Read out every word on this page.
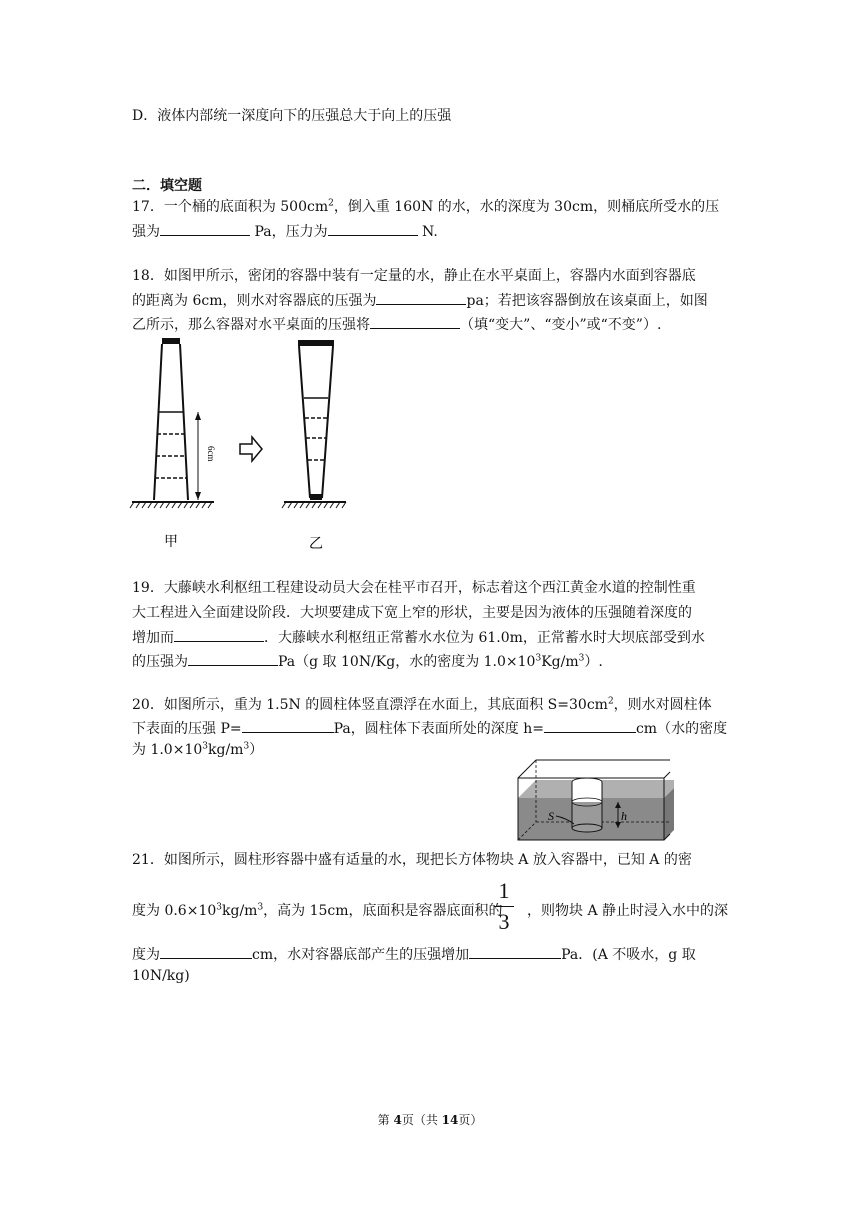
D．液体内部统一深度向下的压强总大于向上的压强
二．填空题
17．一个桶的底面积为 $500cm^2$，倒入重 160N 的水，水的深度为 30cm，则桶底所受水的压
强为	Pa，压力为	N.
18．如图甲所示，密闭的容器中装有一定量的水，静止在水平桌面上，容器内水面到容器底
的距离为 6cm，则水对容器底的压强为	pa；若把该容器倒放在该桌面上，如图
乙所示，那么容器对水平桌面的压强将	（填“变大”、“变小”或“不变”）.
6cm
甲	乙
19．大藤峡水利枢纽工程建设动员大会在桂平市召开，标志着这个西江黄金水道的控制性重
大工程进入全面建设阶段．大坝要建成下宽上窄的形状，主要是因为液体的压强随着深度的
增加而	．大藤峡水利枢纽正常蓄水水位为 61.0m，正常蓄水时大坝底部受到水
的压强为	Pa（g 取 10N/Kg，水的密度为 $1.0\times 10^3Kg/m^3$）.
20．如图所示，重为 1.5N 的圆柱体竖直漂浮在水面上，其底面积 $S=30cm^2$，则水对圆柱体
下表面的压强 P=	Pa，圆柱体下表面所处的深度 h=	cm（水的密度
为 $1.0\times 10^3kg/m^3$）
S	h
21．如图所示，圆柱形容器中盛有适量的水，现把长方体物块 A 放入容器中，已知 A 的密
度为 $0.6\times 10^3kg/m^3$，高为 15cm，底面积是容器底面积的
1
3	，则物块 A 静止时浸入水中的深
度为	cm，水对容器底部产生的压强增加	Pa．(A 不吸水，g 取
10N/kg)
第 4页（共 14页）
